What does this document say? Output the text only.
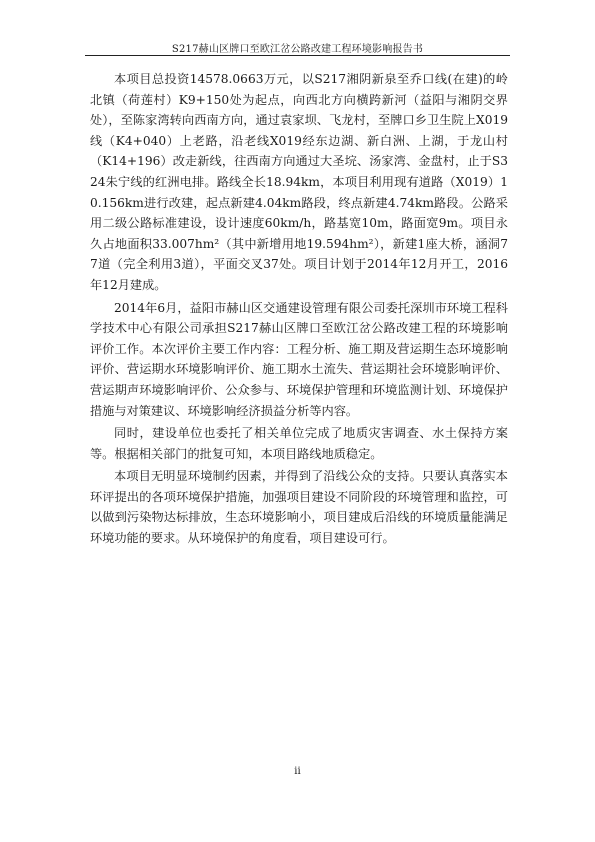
S217赫山区牌口至欧江岔公路改建工程环境影响报告书

本项目总投资14578.0663万元，以S217湘阴新泉至乔口线(在建)的岭北镇（荷莲村）K9+150处为起点，向西北方向横跨新河（益阳与湘阴交界处），至陈家湾转向西南方向，通过袁家坝、飞龙村，至牌口乡卫生院上X019线（K4+040）上老路，沿老线X019经东边湖、新白洲、上湖，于龙山村（K14+196）改走新线，往西南方向通过大圣垸、汤家湾、金盘村，止于S324朱宁线的红洲电排。路线全长18.94km，本项目利用现有道路（X019）10.156km进行改建，起点新建4.04km路段，终点新建4.74km路段。公路采用二级公路标准建设，设计速度60km/h，路基宽10m，路面宽9m。项目永久占地面积33.007hm²（其中新增用地19.594hm²），新建1座大桥，涵洞77道（完全利用3道），平面交叉37处。项目计划于2014年12月开工，2016年12月建成。

2014年6月，益阳市赫山区交通建设管理有限公司委托深圳市环境工程科学技术中心有限公司承担S217赫山区牌口至欧江岔公路改建工程的环境影响评价工作。本次评价主要工作内容：工程分析、施工期及营运期生态环境影响评价、营运期水环境影响评价、施工期水土流失、营运期社会环境影响评价、营运期声环境影响评价、公众参与、环境保护管理和环境监测计划、环境保护措施与对策建议、环境影响经济损益分析等内容。

同时，建设单位也委托了相关单位完成了地质灾害调查、水土保持方案等。根据相关部门的批复可知，本项目路线地质稳定。

本项目无明显环境制约因素，并得到了沿线公众的支持。只要认真落实本环评提出的各项环境保护措施，加强项目建设不同阶段的环境管理和监控，可以做到污染物达标排放，生态环境影响小，项目建成后沿线的环境质量能满足环境功能的要求。从环境保护的角度看，项目建设可行。

ii
